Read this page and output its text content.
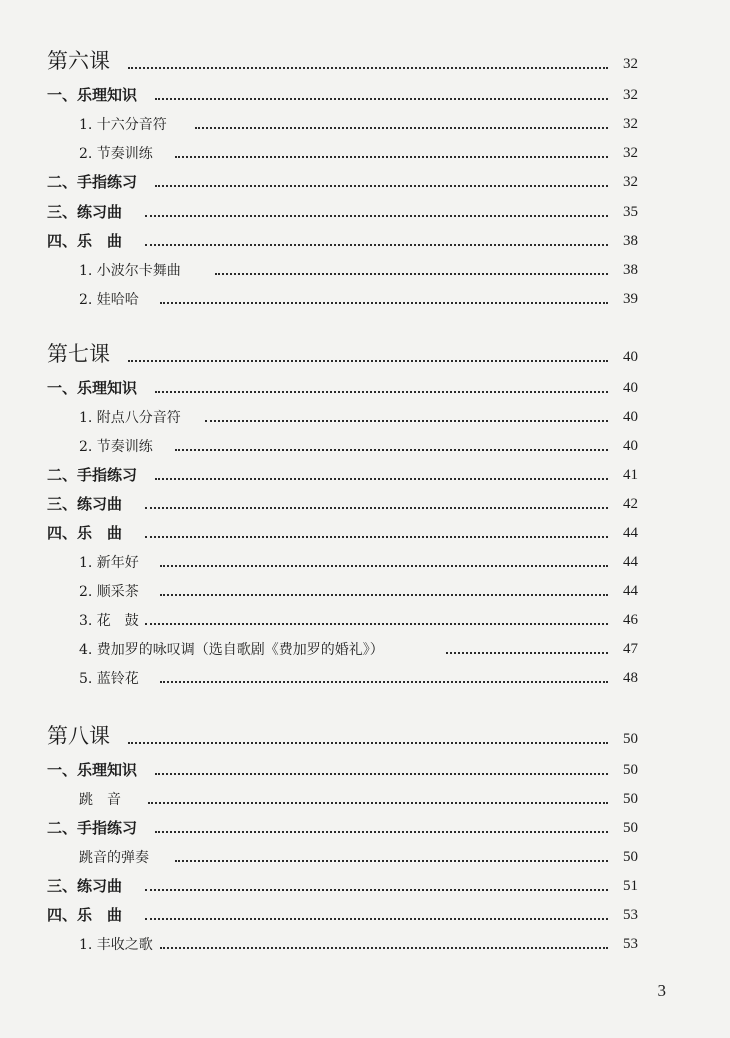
第六课	32
一、乐理知识	32
1. 十六分音符	32
2. 节奏训练	32
二、手指练习	32
三、练习曲	35
四、乐　曲	38
1. 小波尔卡舞曲	38
2. 娃哈哈	39
第七课	40
一、乐理知识	40
1. 附点八分音符	40
2. 节奏训练	40
二、手指练习	41
三、练习曲	42
四、乐　曲	44
1. 新年好	44
2. 顺采茶	44
3. 花　鼓	46
4. 费加罗的咏叹调（选自歌剧《费加罗的婚礼》）	47
5. 蓝铃花	48
第八课	50
一、乐理知识	50
跳　音	50
二、手指练习	50
跳音的弹奏	50
三、练习曲	51
四、乐　曲	53
1. 丰收之歌	53
3
